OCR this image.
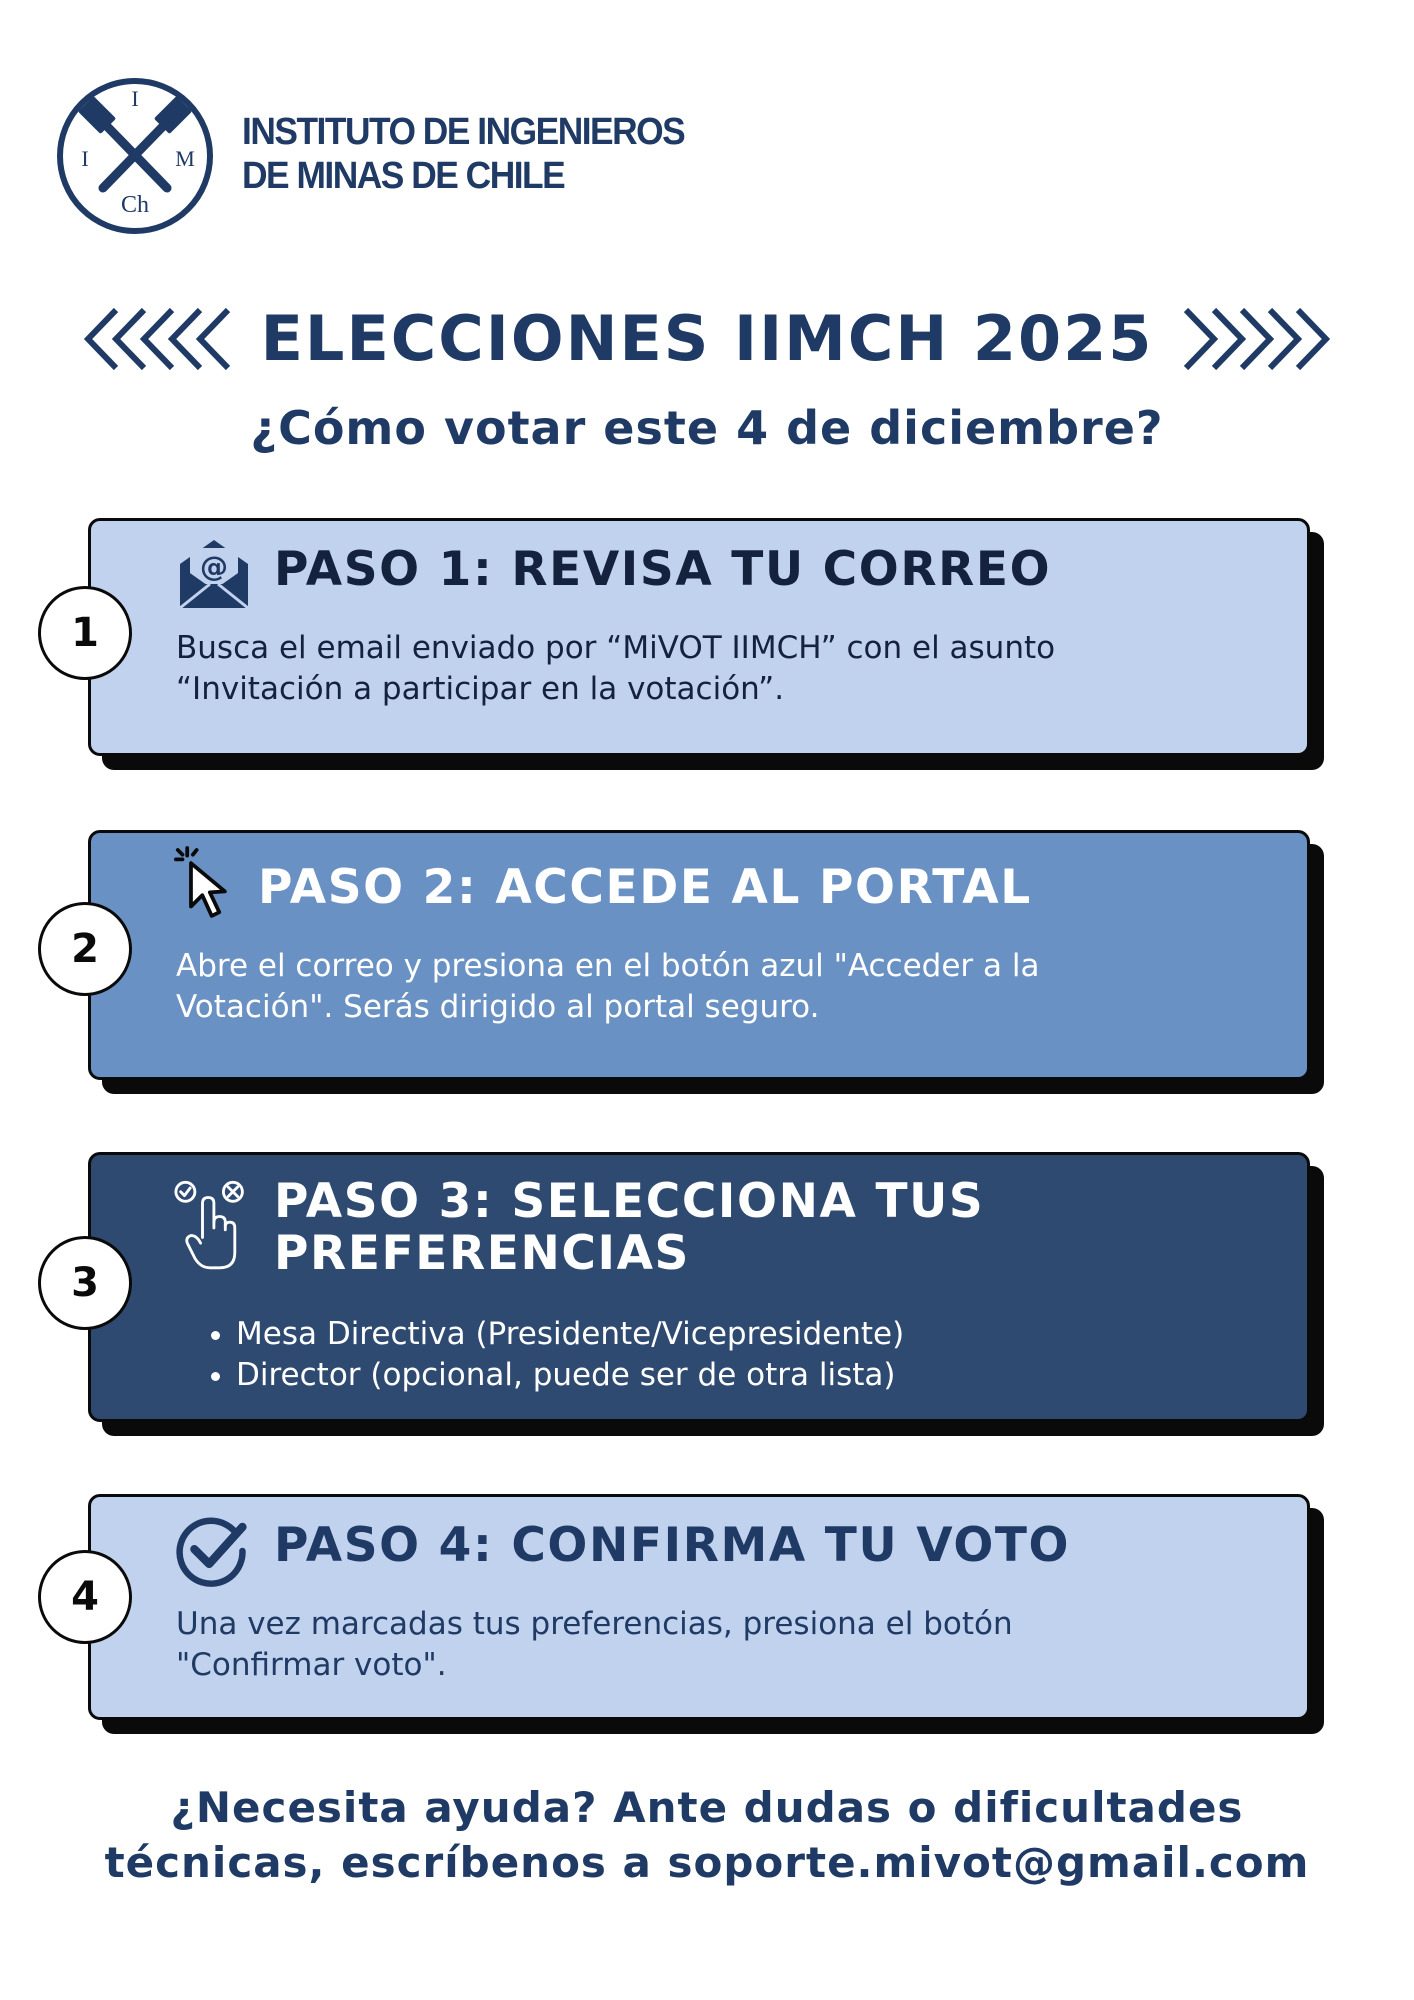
I
I	M
Ch
INSTITUTO DE INGENIEROS
DE MINAS DE CHILE
ELECCIONES IIMCH 2025
¿Cómo votar este 4 de diciembre?
1
@ PASO 1: REVISA TU CORREO
Busca el email enviado por “MiVOT IIMCH” con el asunto
“Invitación a participar en la votación”.
2
PASO 2: ACCEDE AL PORTAL
Abre el correo y presiona en el botón azul "Acceder a la
Votación". Serás dirigido al portal seguro.
3
PASO 3: SELECCIONA TUS
PREFERENCIAS
• Mesa Directiva (Presidente/Vicepresidente)
• Director (opcional, puede ser de otra lista)
4
PASO 4: CONFIRMA TU VOTO
Una vez marcadas tus preferencias, presiona el botón
"Confirmar voto".
¿Necesita ayuda? Ante dudas o dificultades
técnicas, escríbenos a soporte.mivot@gmail.com
